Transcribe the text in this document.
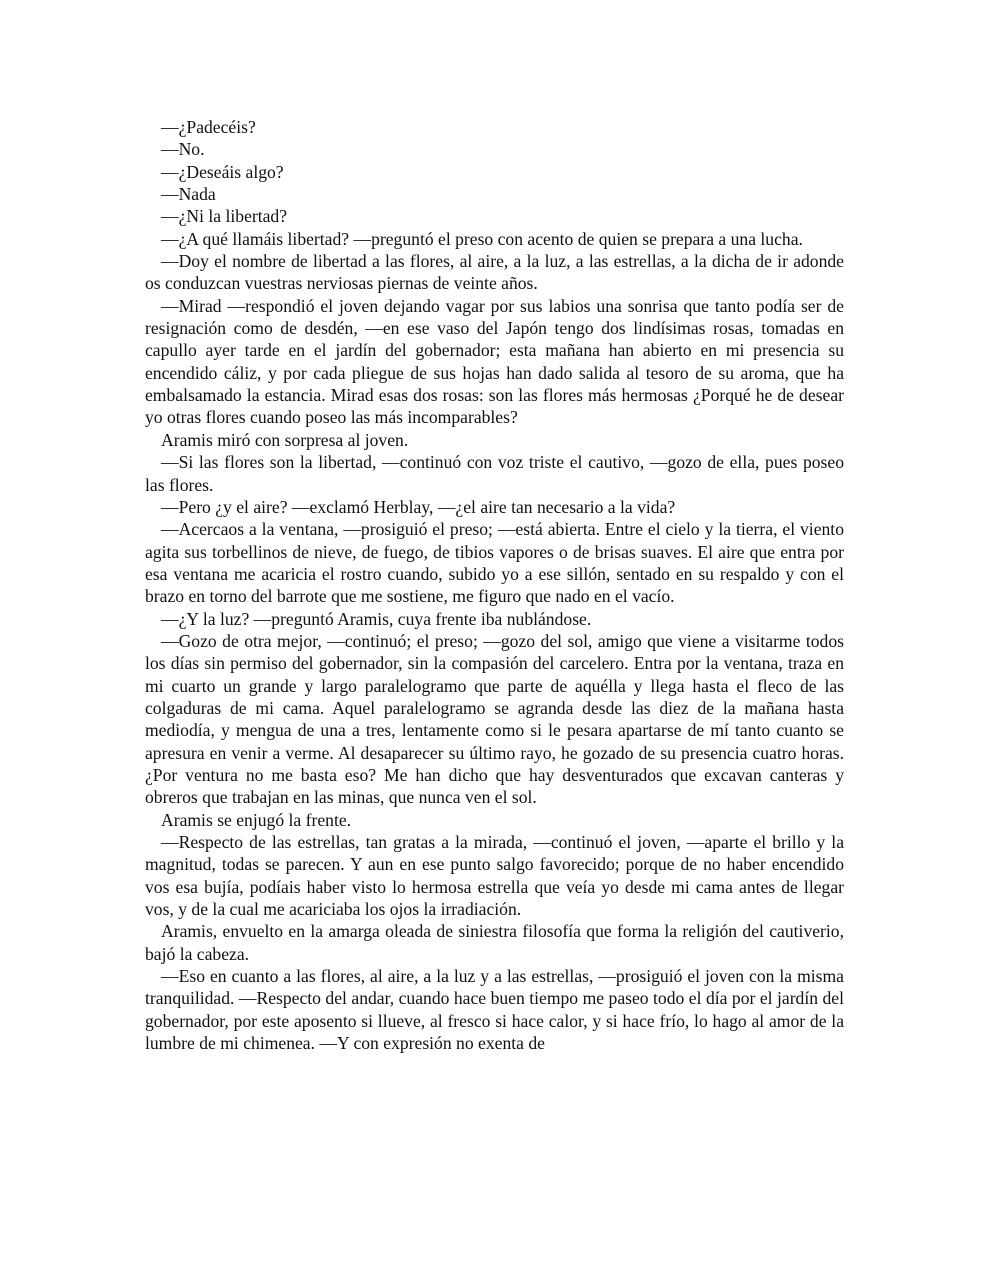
—¿Padecéis?

—No.

—¿Deseáis algo?

—Nada

—¿Ni la libertad?

—¿A qué llamáis libertad? —preguntó el preso con acento de quien se prepara a una lucha.

—Doy el nombre de libertad a las flores, al aire, a la luz, a las estrellas, a la dicha de ir adonde os conduzcan vuestras nerviosas piernas de veinte años.

—Mirad —respondió el joven dejando vagar por sus labios una sonrisa que tanto podía ser de resignación como de desdén, —en ese vaso del Japón tengo dos lindísimas rosas, tomadas en capullo ayer tarde en el jardín del gobernador; esta mañana han abierto en mi presencia su encendido cáliz, y por cada pliegue de sus hojas han dado salida al tesoro de su aroma, que ha embalsamado la estancia. Mirad esas dos rosas: son las flores más hermosas ¿Porqué he de desear yo otras flores cuando poseo las más incomparables?

Aramis miró con sorpresa al joven.

—Si las flores son la libertad, —continuó con voz triste el cautivo, —gozo de ella, pues poseo las flores.

—Pero ¿y el aire? —exclamó Herblay, —¿el aire tan necesario a la vida?

—Acercaos a la ventana, —prosiguió el preso; —está abierta. Entre el cielo y la tierra, el viento agita sus torbellinos de nieve, de fuego, de tibios vapores o de brisas suaves. El aire que entra por esa ventana me acaricia el rostro cuando, subido yo a ese sillón, sentado en su respaldo y con el brazo en torno del barrote que me sostiene, me figuro que nado en el vacío.

—¿Y la luz? —preguntó Aramis, cuya frente iba nublándose.

—Gozo de otra mejor, —continuó; el preso; —gozo del sol, amigo que viene a visitarme todos los días sin permiso del gobernador, sin la compasión del carcelero. Entra por la ventana, traza en mi cuarto un grande y largo paralelogramo que parte de aquélla y llega hasta el fleco de las colgaduras de mi cama. Aquel paralelogramo se agranda desde las diez de la mañana hasta mediodía, y mengua de una a tres, lentamente como si le pesara apartarse de mí tanto cuanto se apresura en venir a verme. Al desaparecer su último rayo, he gozado de su presencia cuatro horas. ¿Por ventura no me basta eso? Me han dicho que hay desventurados que excavan canteras y obreros que trabajan en las minas, que nunca ven el sol.

Aramis se enjugó la frente.

—Respecto de las estrellas, tan gratas a la mirada, —continuó el joven, —aparte el brillo y la magnitud, todas se parecen. Y aun en ese punto salgo favorecido; porque de no haber encendido vos esa bujía, podíais haber visto lo hermosa estrella que veía yo desde mi cama antes de llegar vos, y de la cual me acariciaba los ojos la irradiación.

Aramis, envuelto en la amarga oleada de siniestra filosofía que forma la religión del cautiverio, bajó la cabeza.

—Eso en cuanto a las flores, al aire, a la luz y a las estrellas, —prosiguió el joven con la misma tranquilidad. —Respecto del andar, cuando hace buen tiempo me paseo todo el día por el jardín del gobernador, por este aposento si llueve, al fresco si hace calor, y si hace frío, lo hago al amor de la lumbre de mi chimenea. —Y con expresión no exenta de
